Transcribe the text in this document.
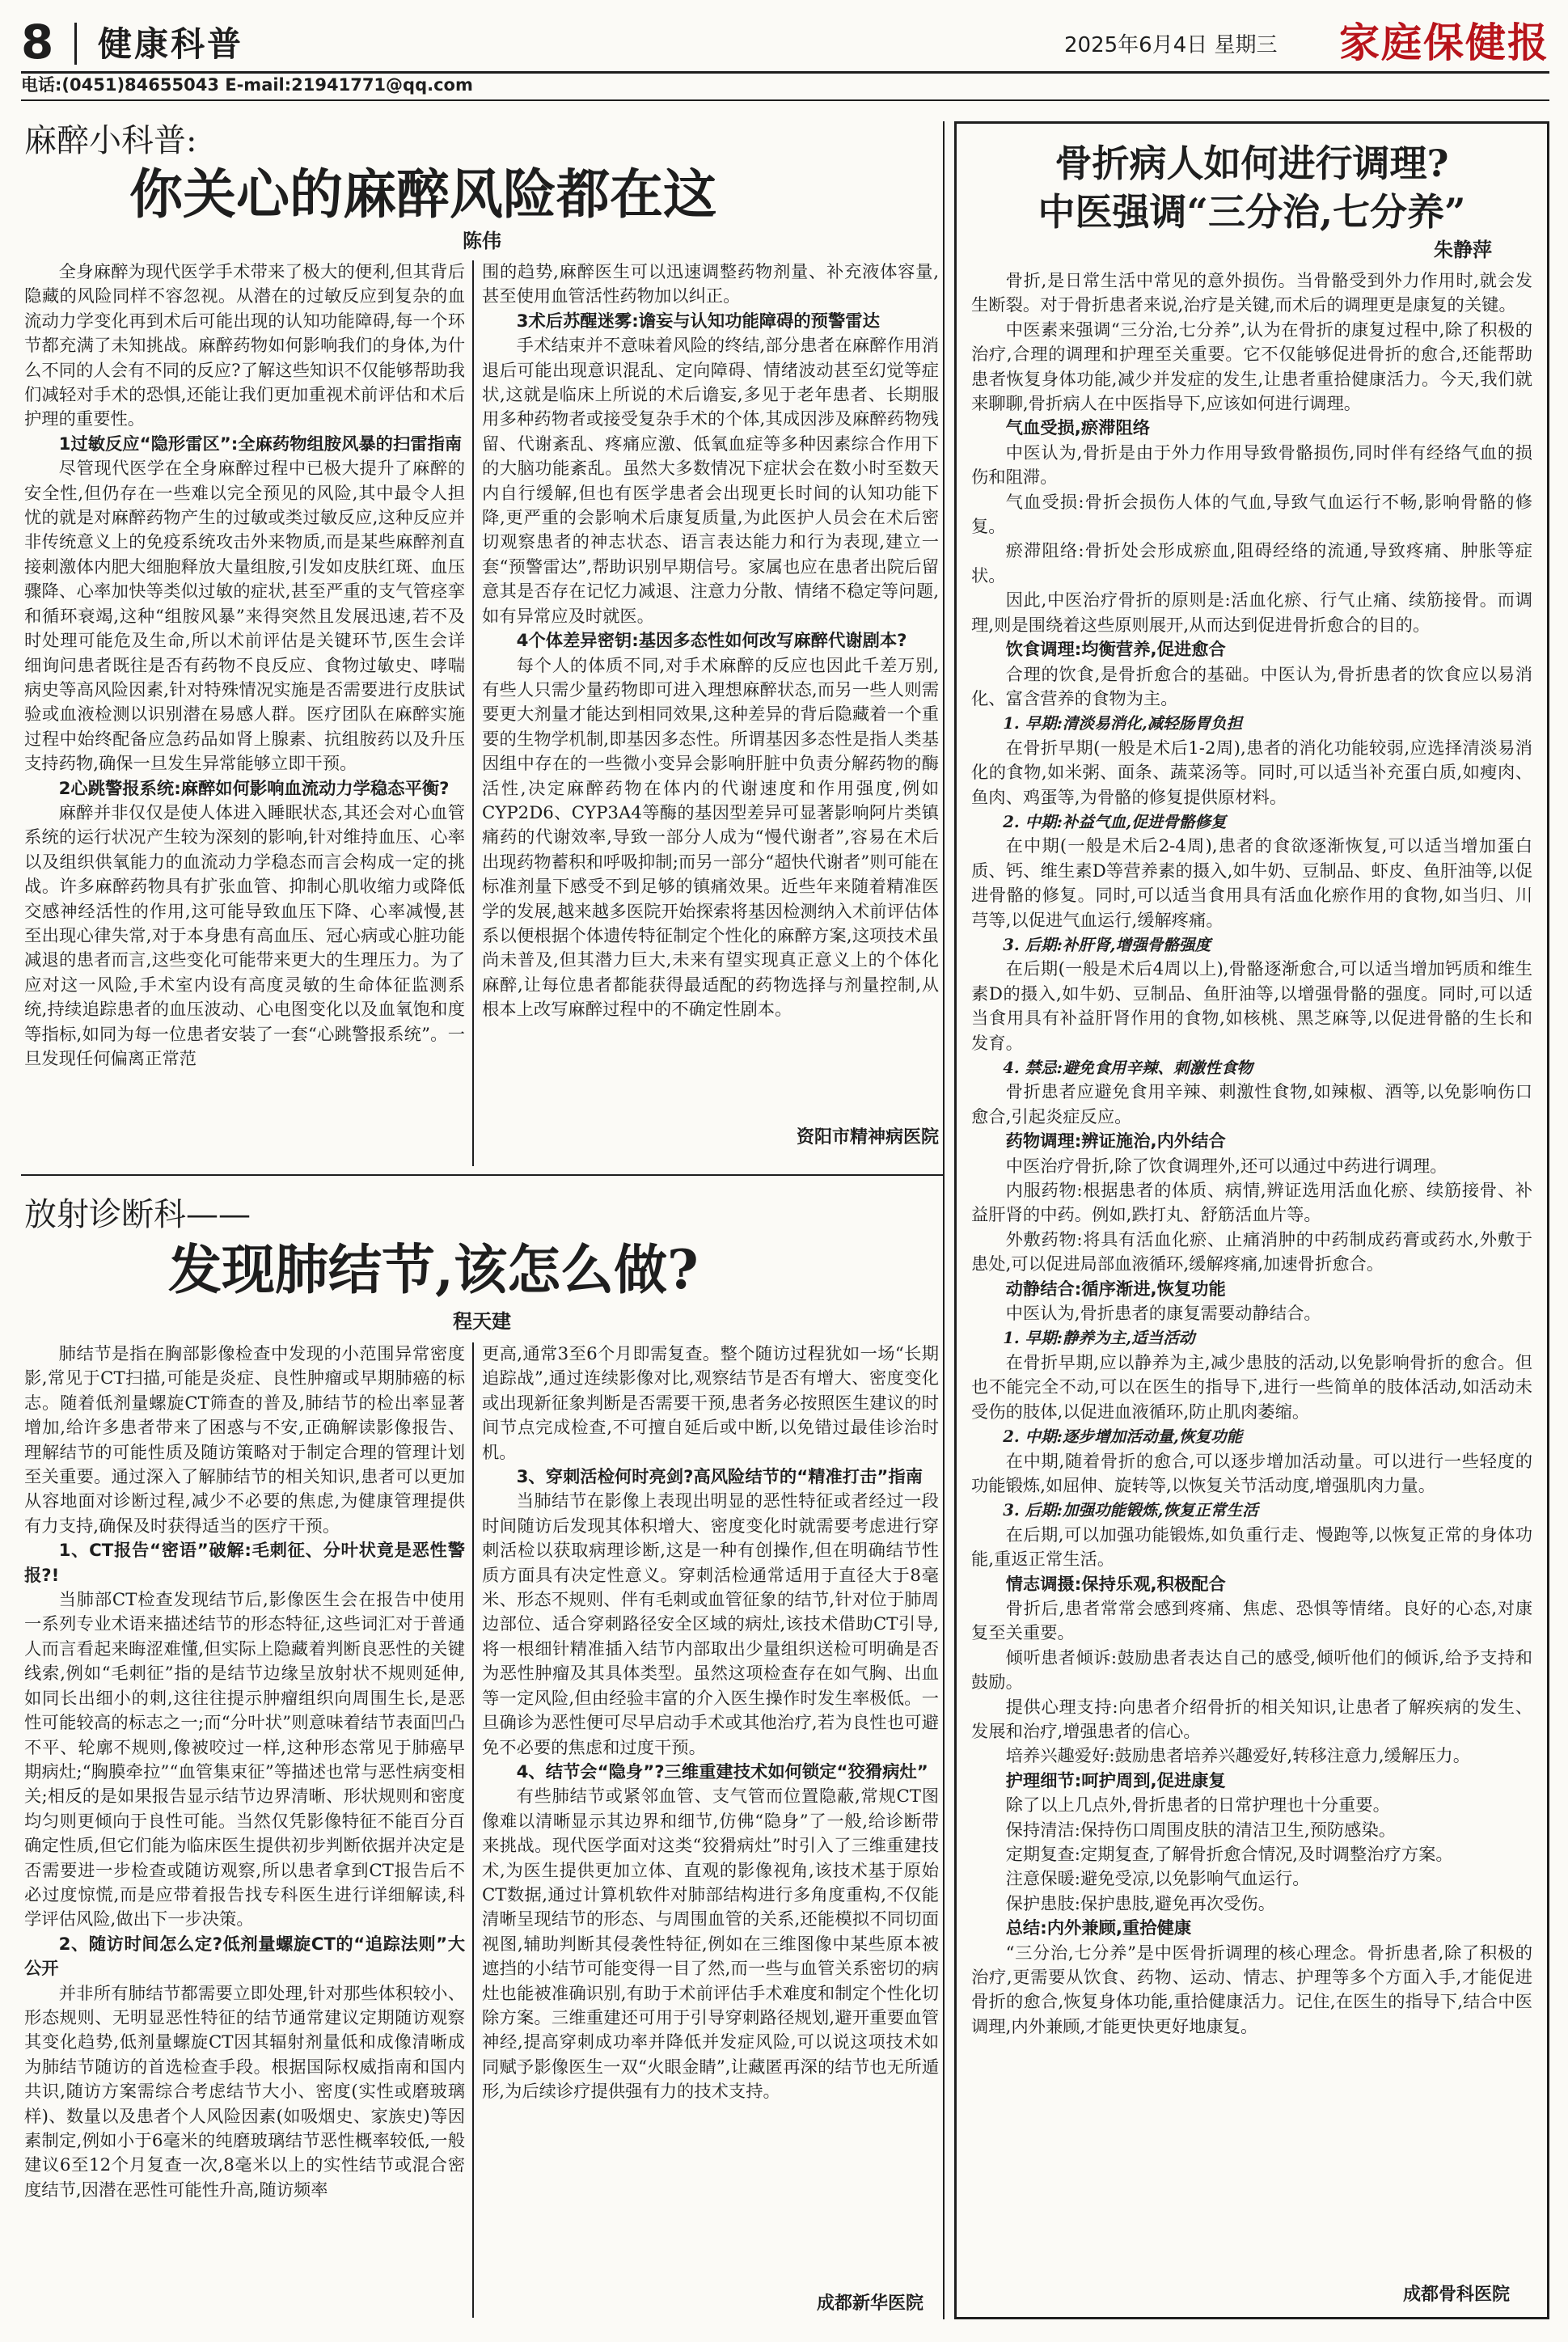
8 健康科普	2025年6月4日 星期三 家庭保健报
电话:(0451)84655043 E-mail:21941771@qq.com
麻醉小科普:
你关心的麻醉风险都在这
陈伟
全身麻醉为现代医学手术带来了极大的便利,但其背后隐藏的风险同样不容忽视。从潜在的过敏反应到复杂的血流动力学变化再到术后可能出现的认知功能障碍,每一个环节都充满了未知挑战。麻醉药物如何影响我们的身体,为什么不同的人会有不同的反应?了解这些知识不仅能够帮助我们减轻对手术的恐惧,还能让我们更加重视术前评估和术后护理的重要性。
1过敏反应“隐形雷区”:全麻药物组胺风暴的扫雷指南
尽管现代医学在全身麻醉过程中已极大提升了麻醉的安全性,但仍存在一些难以完全预见的风险,其中最令人担忧的就是对麻醉药物产生的过敏或类过敏反应,这种反应并非传统意义上的免疫系统攻击外来物质,而是某些麻醉剂直接刺激体内肥大细胞释放大量组胺,引发如皮肤红斑、血压骤降、心率加快等类似过敏的症状,甚至严重的支气管痉挛和循环衰竭,这种“组胺风暴”来得突然且发展迅速,若不及时处理可能危及生命,所以术前评估是关键环节,医生会详细询问患者既往是否有药物不良反应、食物过敏史、哮喘病史等高风险因素,针对特殊情况实施是否需要进行皮肤试验或血液检测以识别潜在易感人群。医疗团队在麻醉实施过程中始终配备应急药品如肾上腺素、抗组胺药以及升压支持药物,确保一旦发生异常能够立即干预。
2心跳警报系统:麻醉如何影响血流动力学稳态平衡?
麻醉并非仅仅是使人体进入睡眠状态,其还会对心血管系统的运行状况产生较为深刻的影响,针对维持血压、心率以及组织供氧能力的血流动力学稳态而言会构成一定的挑战。许多麻醉药物具有扩张血管、抑制心肌收缩力或降低交感神经活性的作用,这可能导致血压下降、心率减慢,甚至出现心律失常,对于本身患有高血压、冠心病或心脏功能减退的患者而言,这些变化可能带来更大的生理压力。为了应对这一风险,手术室内设有高度灵敏的生命体征监测系统,持续追踪患者的血压波动、心电图变化以及血氧饱和度等指标,如同为每一位患者安装了一套“心跳警报系统”。一旦发现任何偏离正常范
围的趋势,麻醉医生可以迅速调整药物剂量、补充液体容量,甚至使用血管活性药物加以纠正。
3术后苏醒迷雾:谵妄与认知功能障碍的预警雷达
手术结束并不意味着风险的终结,部分患者在麻醉作用消退后可能出现意识混乱、定向障碍、情绪波动甚至幻觉等症状,这就是临床上所说的术后谵妄,多见于老年患者、长期服用多种药物者或接受复杂手术的个体,其成因涉及麻醉药物残留、代谢紊乱、疼痛应激、低氧血症等多种因素综合作用下的大脑功能紊乱。虽然大多数情况下症状会在数小时至数天内自行缓解,但也有医学患者会出现更长时间的认知功能下降,更严重的会影响术后康复质量,为此医护人员会在术后密切观察患者的神志状态、语言表达能力和行为表现,建立一套“预警雷达”,帮助识别早期信号。家属也应在患者出院后留意其是否存在记忆力减退、注意力分散、情绪不稳定等问题,如有异常应及时就医。
4个体差异密钥:基因多态性如何改写麻醉代谢剧本?
每个人的体质不同,对手术麻醉的反应也因此千差万别,有些人只需少量药物即可进入理想麻醉状态,而另一些人则需要更大剂量才能达到相同效果,这种差异的背后隐藏着一个重要的生物学机制,即基因多态性。所谓基因多态性是指人类基因组中存在的一些微小变异会影响肝脏中负责分解药物的酶活性,决定麻醉药物在体内的代谢速度和作用强度,例如CYP2D6、CYP3A4等酶的基因型差异可显著影响阿片类镇痛药的代谢效率,导致一部分人成为“慢代谢者”,容易在术后出现药物蓄积和呼吸抑制;而另一部分“超快代谢者”则可能在标准剂量下感受不到足够的镇痛效果。近些年来随着精准医学的发展,越来越多医院开始探索将基因检测纳入术前评估体系以便根据个体遗传特征制定个性化的麻醉方案,这项技术虽尚未普及,但其潜力巨大,未来有望实现真正意义上的个体化麻醉,让每位患者都能获得最适配的药物选择与剂量控制,从根本上改写麻醉过程中的不确定性剧本。
资阳市精神病医院
放射诊断科——
发现肺结节,该怎么做?
程天建
肺结节是指在胸部影像检查中发现的小范围异常密度影,常见于CT扫描,可能是炎症、良性肿瘤或早期肺癌的标志。随着低剂量螺旋CT筛查的普及,肺结节的检出率显著增加,给许多患者带来了困惑与不安,正确解读影像报告、理解结节的可能性质及随访策略对于制定合理的管理计划至关重要。通过深入了解肺结节的相关知识,患者可以更加从容地面对诊断过程,减少不必要的焦虑,为健康管理提供有力支持,确保及时获得适当的医疗干预。
1、CT报告“密语”破解:毛刺征、分叶状竟是恶性警报?!
当肺部CT检查发现结节后,影像医生会在报告中使用一系列专业术语来描述结节的形态特征,这些词汇对于普通人而言看起来晦涩难懂,但实际上隐藏着判断良恶性的关键线索,例如“毛刺征”指的是结节边缘呈放射状不规则延伸,如同长出细小的刺,这往往提示肿瘤组织向周围生长,是恶性可能较高的标志之一;而“分叶状”则意味着结节表面凹凸不平、轮廓不规则,像被咬过一样,这种形态常见于肺癌早期病灶;“胸膜牵拉”“血管集束征”等描述也常与恶性病变相关;相反的是如果报告显示结节边界清晰、形状规则和密度均匀则更倾向于良性可能。当然仅凭影像特征不能百分百确定性质,但它们能为临床医生提供初步判断依据并决定是否需要进一步检查或随访观察,所以患者拿到CT报告后不必过度惊慌,而是应带着报告找专科医生进行详细解读,科学评估风险,做出下一步决策。
2、随访时间怎么定?低剂量螺旋CT的“追踪法则”大公开
并非所有肺结节都需要立即处理,针对那些体积较小、形态规则、无明显恶性特征的结节通常建议定期随访观察其变化趋势,低剂量螺旋CT因其辐射剂量低和成像清晰成为肺结节随访的首选检查手段。根据国际权威指南和国内共识,随访方案需综合考虑结节大小、密度(实性或磨玻璃样)、数量以及患者个人风险因素(如吸烟史、家族史)等因素制定,例如小于6毫米的纯磨玻璃结节恶性概率较低,一般建议6至12个月复查一次,8毫米以上的实性结节或混合密度结节,因潜在恶性可能性升高,随访频率
更高,通常3至6个月即需复查。整个随访过程犹如一场“长期追踪战”,通过连续影像对比,观察结节是否有增大、密度变化或出现新征象判断是否需要干预,患者务必按照医生建议的时间节点完成检查,不可擅自延后或中断,以免错过最佳诊治时机。
3、穿刺活检何时亮剑?高风险结节的“精准打击”指南
当肺结节在影像上表现出明显的恶性特征或者经过一段时间随访后发现其体积增大、密度变化时就需要考虑进行穿刺活检以获取病理诊断,这是一种有创操作,但在明确结节性质方面具有决定性意义。穿刺活检通常适用于直径大于8毫米、形态不规则、伴有毛刺或血管征象的结节,针对位于肺周边部位、适合穿刺路径安全区域的病灶,该技术借助CT引导,将一根细针精准插入结节内部取出少量组织送检可明确是否为恶性肿瘤及其具体类型。虽然这项检查存在如气胸、出血等一定风险,但由经验丰富的介入医生操作时发生率极低。一旦确诊为恶性便可尽早启动手术或其他治疗,若为良性也可避免不必要的焦虑和过度干预。
4、结节会“隐身”?三维重建技术如何锁定“狡猾病灶”
有些肺结节或紧邻血管、支气管而位置隐蔽,常规CT图像难以清晰显示其边界和细节,仿佛“隐身”了一般,给诊断带来挑战。现代医学面对这类“狡猾病灶”时引入了三维重建技术,为医生提供更加立体、直观的影像视角,该技术基于原始CT数据,通过计算机软件对肺部结构进行多角度重构,不仅能清晰呈现结节的形态、与周围血管的关系,还能模拟不同切面视图,辅助判断其侵袭性特征,例如在三维图像中某些原本被遮挡的小结节可能变得一目了然,而一些与血管关系密切的病灶也能被准确识别,有助于术前评估手术难度和制定个性化切除方案。三维重建还可用于引导穿刺路径规划,避开重要血管神经,提高穿刺成功率并降低并发症风险,可以说这项技术如同赋予影像医生一双“火眼金睛”,让藏匿再深的结节也无所遁形,为后续诊疗提供强有力的技术支持。
成都新华医院
骨折病人如何进行调理?
中医强调“三分治,七分养”
朱静萍
骨折,是日常生活中常见的意外损伤。当骨骼受到外力作用时,就会发生断裂。对于骨折患者来说,治疗是关键,而术后的调理更是康复的关键。
中医素来强调“三分治,七分养”,认为在骨折的康复过程中,除了积极的治疗,合理的调理和护理至关重要。它不仅能够促进骨折的愈合,还能帮助患者恢复身体功能,减少并发症的发生,让患者重拾健康活力。今天,我们就来聊聊,骨折病人在中医指导下,应该如何进行调理。
气血受损,瘀滞阻络
中医认为,骨折是由于外力作用导致骨骼损伤,同时伴有经络气血的损伤和阻滞。
气血受损:骨折会损伤人体的气血,导致气血运行不畅,影响骨骼的修复。
瘀滞阻络:骨折处会形成瘀血,阻碍经络的流通,导致疼痛、肿胀等症状。
因此,中医治疗骨折的原则是:活血化瘀、行气止痛、续筋接骨。而调理,则是围绕着这些原则展开,从而达到促进骨折愈合的目的。
饮食调理:均衡营养,促进愈合
合理的饮食,是骨折愈合的基础。中医认为,骨折患者的饮食应以易消化、富含营养的食物为主。
1. 早期:清淡易消化,减轻肠胃负担
在骨折早期(一般是术后1-2周),患者的消化功能较弱,应选择清淡易消化的食物,如米粥、面条、蔬菜汤等。同时,可以适当补充蛋白质,如瘦肉、鱼肉、鸡蛋等,为骨骼的修复提供原材料。
2. 中期:补益气血,促进骨骼修复
在中期(一般是术后2-4周),患者的食欲逐渐恢复,可以适当增加蛋白质、钙、维生素D等营养素的摄入,如牛奶、豆制品、虾皮、鱼肝油等,以促进骨骼的修复。同时,可以适当食用具有活血化瘀作用的食物,如当归、川芎等,以促进气血运行,缓解疼痛。
3. 后期:补肝肾,增强骨骼强度
在后期(一般是术后4周以上),骨骼逐渐愈合,可以适当增加钙质和维生素D的摄入,如牛奶、豆制品、鱼肝油等,以增强骨骼的强度。同时,可以适当食用具有补益肝肾作用的食物,如核桃、黑芝麻等,以促进骨骼的生长和发育。
4. 禁忌:避免食用辛辣、刺激性食物
骨折患者应避免食用辛辣、刺激性食物,如辣椒、酒等,以免影响伤口愈合,引起炎症反应。
药物调理:辨证施治,内外结合
中医治疗骨折,除了饮食调理外,还可以通过中药进行调理。
内服药物:根据患者的体质、病情,辨证选用活血化瘀、续筋接骨、补益肝肾的中药。例如,跌打丸、舒筋活血片等。
外敷药物:将具有活血化瘀、止痛消肿的中药制成药膏或药水,外敷于患处,可以促进局部血液循环,缓解疼痛,加速骨折愈合。
动静结合:循序渐进,恢复功能
中医认为,骨折患者的康复需要动静结合。
1. 早期:静养为主,适当活动
在骨折早期,应以静养为主,减少患肢的活动,以免影响骨折的愈合。但也不能完全不动,可以在医生的指导下,进行一些简单的肢体活动,如活动未受伤的肢体,以促进血液循环,防止肌肉萎缩。
2. 中期:逐步增加活动量,恢复功能
在中期,随着骨折的愈合,可以逐步增加活动量。可以进行一些轻度的功能锻炼,如屈伸、旋转等,以恢复关节活动度,增强肌肉力量。
3. 后期:加强功能锻炼,恢复正常生活
在后期,可以加强功能锻炼,如负重行走、慢跑等,以恢复正常的身体功能,重返正常生活。
情志调摄:保持乐观,积极配合
骨折后,患者常常会感到疼痛、焦虑、恐惧等情绪。良好的心态,对康复至关重要。
倾听患者倾诉:鼓励患者表达自己的感受,倾听他们的倾诉,给予支持和鼓励。
提供心理支持:向患者介绍骨折的相关知识,让患者了解疾病的发生、发展和治疗,增强患者的信心。
培养兴趣爱好:鼓励患者培养兴趣爱好,转移注意力,缓解压力。
护理细节:呵护周到,促进康复
除了以上几点外,骨折患者的日常护理也十分重要。
保持清洁:保持伤口周围皮肤的清洁卫生,预防感染。
定期复查:定期复查,了解骨折愈合情况,及时调整治疗方案。
注意保暖:避免受凉,以免影响气血运行。
保护患肢:保护患肢,避免再次受伤。
总结:内外兼顾,重拾健康
“三分治,七分养”是中医骨折调理的核心理念。骨折患者,除了积极的治疗,更需要从饮食、药物、运动、情志、护理等多个方面入手,才能促进骨折的愈合,恢复身体功能,重拾健康活力。记住,在医生的指导下,结合中医调理,内外兼顾,才能更快更好地康复。
成都骨科医院
